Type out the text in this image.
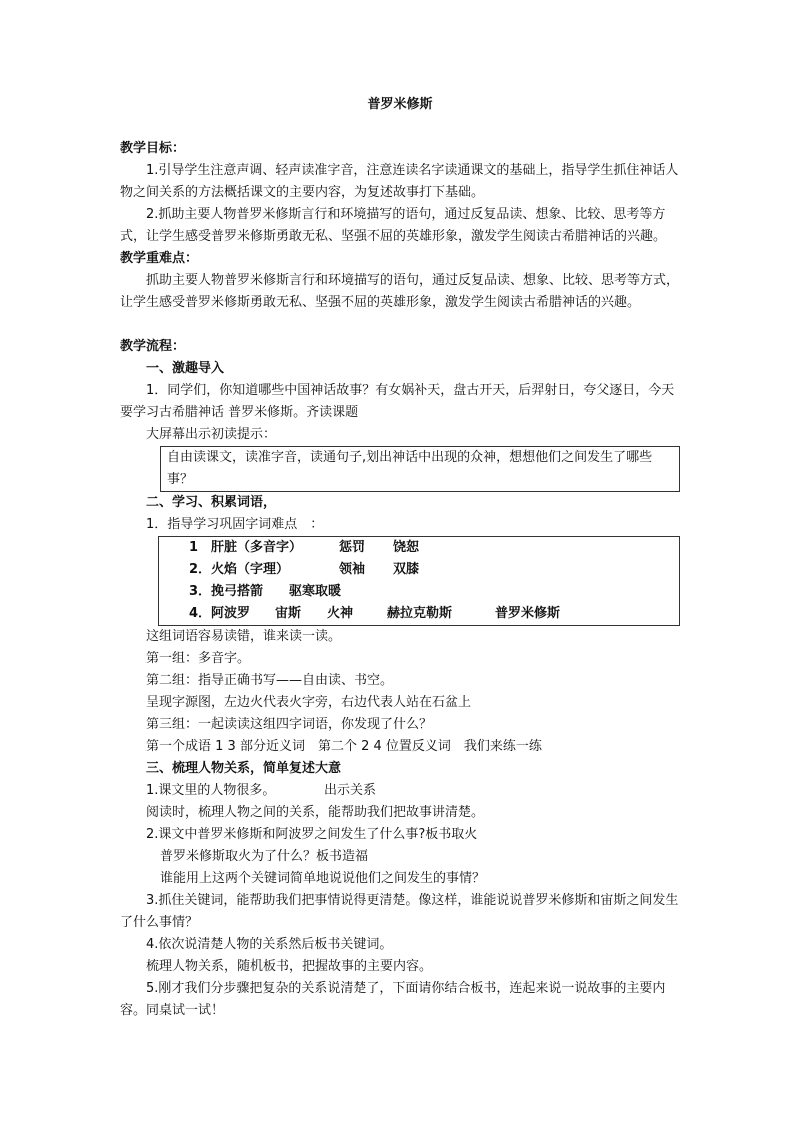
普罗米修斯

教学目标：

1.引导学生注意声调、轻声读准字音，注意连读名字读通课文的基础上，指导学生抓住神话人物之间关系的方法概括课文的主要内容，为复述故事打下基础。

2.抓助主要人物普罗米修斯言行和环境描写的语句，通过反复品读、想象、比较、思考等方式，让学生感受普罗米修斯勇敢无私、坚强不屈的英雄形象，激发学生阅读古希腊神话的兴趣。

教学重难点：

抓助主要人物普罗米修斯言行和环境描写的语句，通过反复品读、想象、比较、思考等方式，让学生感受普罗米修斯勇敢无私、坚强不屈的英雄形象，激发学生阅读古希腊神话的兴趣。

教学流程：

一、激趣导入

1．同学们，你知道哪些中国神话故事？有女娲补天，盘古开天，后羿射日，夸父逐日，今天要学习古希腊神话 普罗米修斯。齐读课题

大屏幕出示初读提示：

自由读课文，读准字音，读通句子,划出神话中出现的众神，想想他们之间发生了哪些事？

二、学习、积累词语，

1．指导学习巩固字词难点　：

1　肝脏（多音字）	惩罚 饶恕

2．火焰（字理）	领袖 双膝

3．挽弓搭箭 驱寒取暖

4．阿波罗 宙斯 火神	赫拉克勒斯	普罗米修斯

这组词语容易读错，谁来读一读。

第一组：多音字。

第二组：指导正确书写——自由读、书空。

呈现字源图，左边火代表火字旁，右边代表人站在石盆上

第三组：一起读读这组四字词语，你发现了什么？

第一个成语 1 3 部分近义词　第二个 2 4 位置反义词　我们来练一练

三、梳理人物关系，简单复述大意

1.课文里的人物很多。	出示关系

阅读时，梳理人物之间的关系，能帮助我们把故事讲清楚。

2.课文中普罗米修斯和阿波罗之间发生了什么事?板书取火

普罗米修斯取火为了什么？板书造福

谁能用上这两个关键词简单地说说他们之间发生的事情？

3.抓住关键词，能帮助我们把事情说得更清楚。像这样，谁能说说普罗米修斯和宙斯之间发生了什么事情？

4.依次说清楚人物的关系然后板书关键词。

梳理人物关系，随机板书，把握故事的主要内容。

5.刚才我们分步骤把复杂的关系说清楚了，下面请你结合板书，连起来说一说故事的主要内容。同桌试一试！
